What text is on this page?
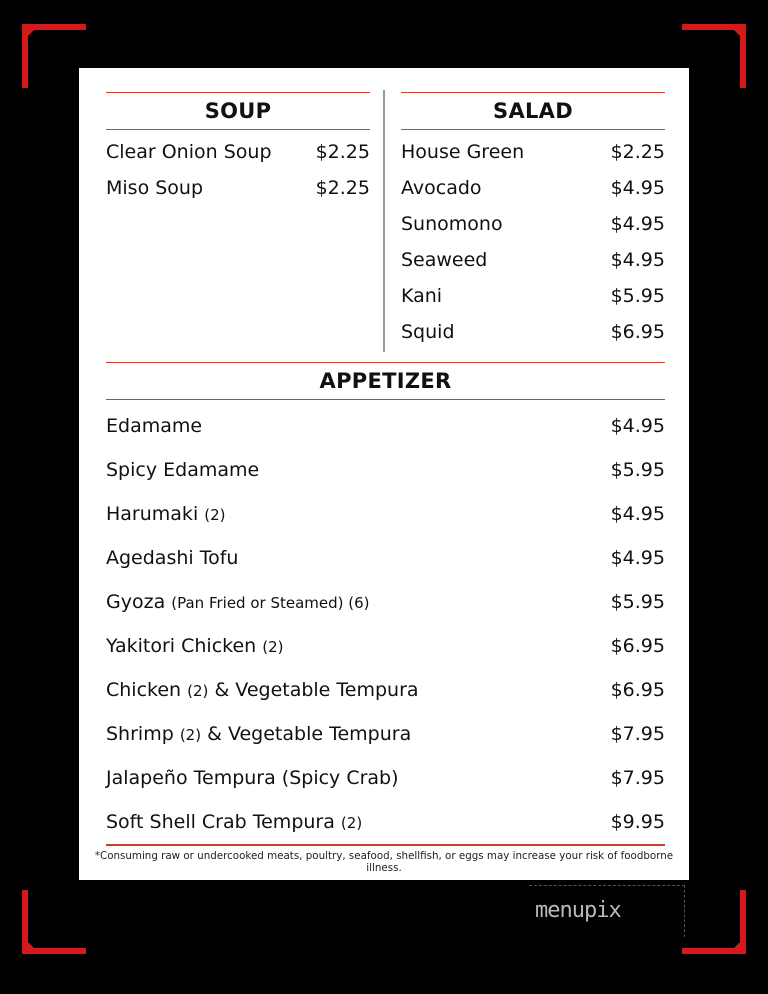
SOUP
Clear Onion Soup $2.25
Miso Soup	$2.25
SALAD
House Green	$2.25
Avocado	$4.95
Sunomono	$4.95
Seaweed	$4.95
Kani	$5.95
Squid	$6.95
APPETIZER
Edamame	$4.95
Spicy Edamame	$5.95
Harumaki (2)	$4.95
Agedashi Tofu	$4.95
Gyoza (Pan Fried or Steamed) (6)	$5.95
Yakitori Chicken (2)	$6.95
Chicken (2) & Vegetable Tempura	$6.95
Shrimp (2) & Vegetable Tempura	$7.95
Jalapeño Tempura (Spicy Crab)	$7.95
Soft Shell Crab Tempura (2)	$9.95
*Consuming raw or undercooked meats, poultry, seafood, shellfish, or eggs may increase your risk of foodborne illness.
menupix
